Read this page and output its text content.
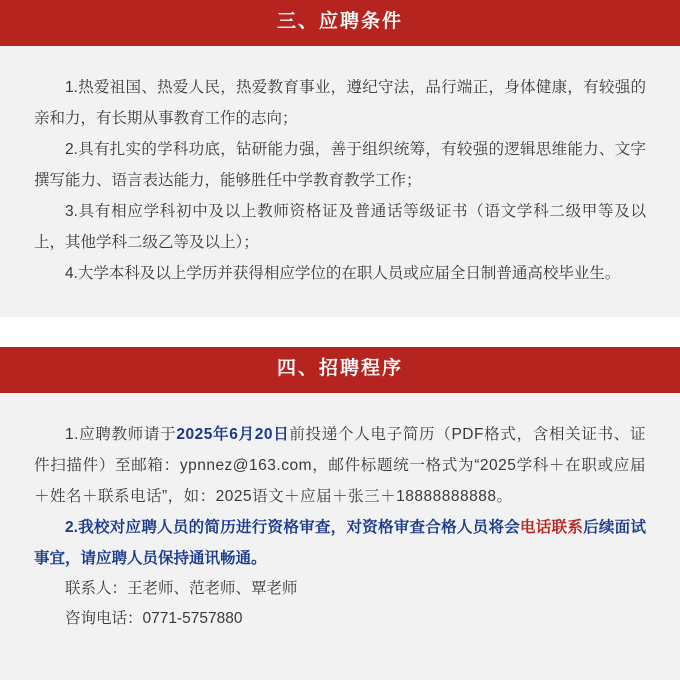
三、应聘条件

1.热爱祖国、热爱人民，热爱教育事业，遵纪守法，品行端正，身体健康，有较强的亲和力，有长期从事教育工作的志向；

2.具有扎实的学科功底，钻研能力强，善于组织统筹，有较强的逻辑思维能力、文字撰写能力、语言表达能力，能够胜任中学教育教学工作；

3.具有相应学科初中及以上教师资格证及普通话等级证书（语文学科二级甲等及以上，其他学科二级乙等及以上）；

4.大学本科及以上学历并获得相应学位的在职人员或应届全日制普通高校毕业生。

四、招聘程序

1.应聘教师请于2025年6月20日前投递个人电子简历（PDF格式，含相关证书、证件扫描件）至邮箱：ypnnez@163.com，邮件标题统一格式为“2025学科＋在职或应届＋姓名＋联系电话”，如：2025语文＋应届＋张三＋18888888888。

2.我校对应聘人员的简历进行资格审查，对资格审查合格人员将会电话联系后续面试事宜，请应聘人员保持通讯畅通。

联系人：王老师、范老师、覃老师

咨询电话：0771-5757880
